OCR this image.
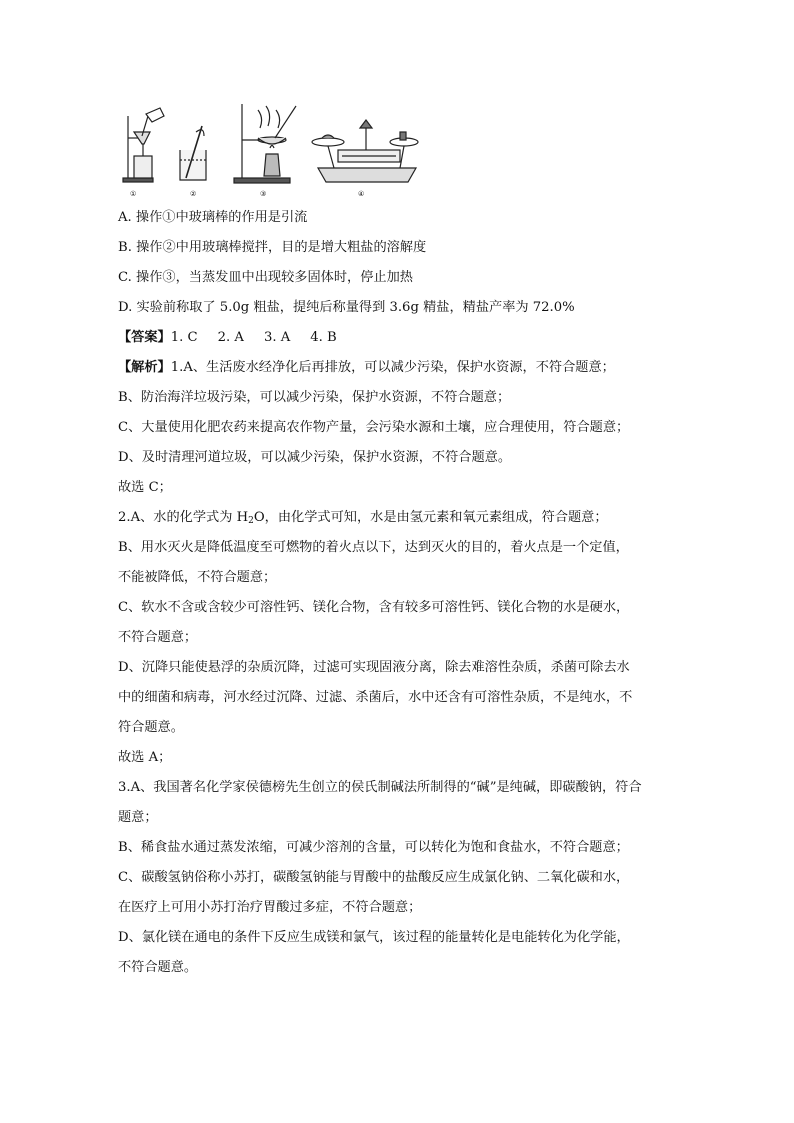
①	②	③	④
A. 操作①中玻璃棒的作用是引流
B. 操作②中用玻璃棒搅拌，目的是增大粗盐的溶解度
C. 操作③，当蒸发皿中出现较多固体时，停止加热
D. 实验前称取了 5.0g 粗盐，提纯后称量得到 3.6g 精盐，精盐产率为 72.0%
【答案】1. C 2. A 3. A 4. B
【解析】1.A、生活废水经净化后再排放，可以减少污染，保护水资源，不符合题意；
B、防治海洋垃圾污染，可以减少污染，保护水资源，不符合题意；
C、大量使用化肥农药来提高农作物产量，会污染水源和土壤，应合理使用，符合题意；
D、及时清理河道垃圾，可以减少污染，保护水资源，不符合题意。
故选 C；
2.A、水的化学式为 $H_2O$，由化学式可知，水是由氢元素和氧元素组成，符合题意；
B、用水灭火是降低温度至可燃物的着火点以下，达到灭火的目的，着火点是一个定值，
不能被降低，不符合题意；
C、软水不含或含较少可溶性钙、镁化合物，含有较多可溶性钙、镁化合物的水是硬水，
不符合题意；
D、沉降只能使悬浮的杂质沉降，过滤可实现固液分离，除去难溶性杂质，杀菌可除去水
中的细菌和病毒，河水经过沉降、过滤、杀菌后，水中还含有可溶性杂质，不是纯水，不
符合题意。
故选 A；
3.A、我国著名化学家侯德榜先生创立的侯氏制碱法所制得的“碱”是纯碱，即碳酸钠，符合
题意；
B、稀食盐水通过蒸发浓缩，可减少溶剂的含量，可以转化为饱和食盐水，不符合题意；
C、碳酸氢钠俗称小苏打，碳酸氢钠能与胃酸中的盐酸反应生成氯化钠、二氧化碳和水，
在医疗上可用小苏打治疗胃酸过多症，不符合题意；
D、氯化镁在通电的条件下反应生成镁和氯气，该过程的能量转化是电能转化为化学能，
不符合题意。
